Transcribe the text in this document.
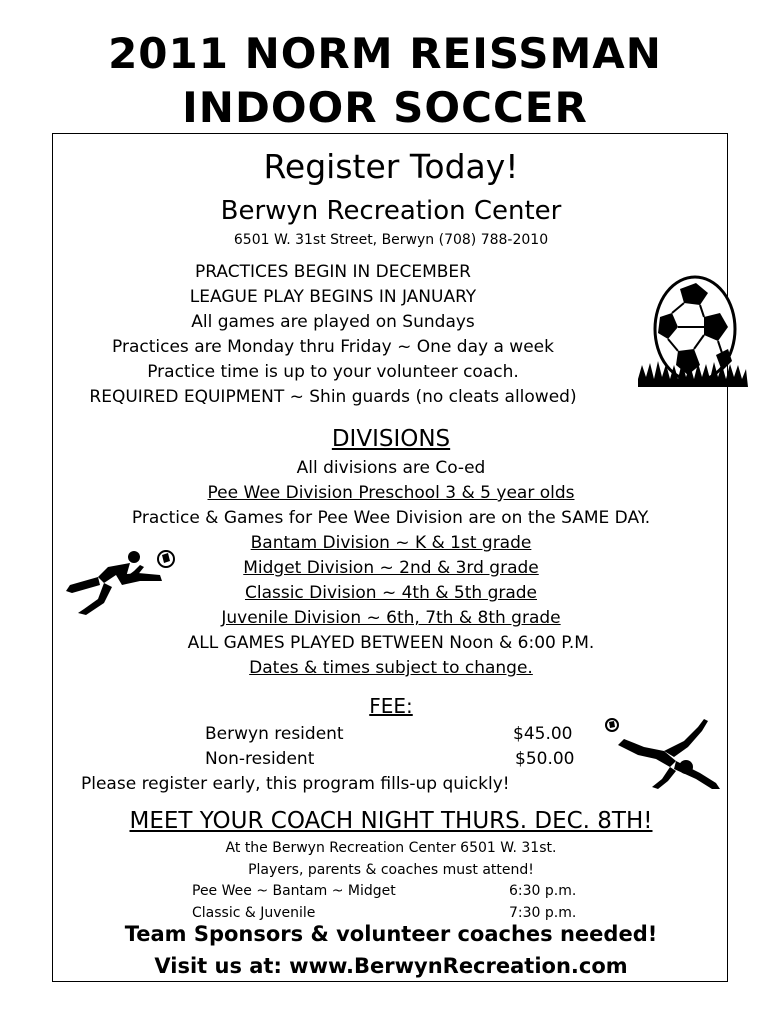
2011 NORM REISSMAN
INDOOR SOCCER
Register Today!
Berwyn Recreation Center
6501 W. 31st Street, Berwyn (708) 788-2010
PRACTICES BEGIN IN DECEMBER
LEAGUE PLAY BEGINS IN JANUARY
All games are played on Sundays
Practices are Monday thru Friday ~ One day a week
Practice time is up to your volunteer coach.
REQUIRED EQUIPMENT ~ Shin guards (no cleats allowed)
DIVISIONS
All divisions are Co-ed
Pee Wee Division Preschool 3 & 5 year olds
Practice & Games for Pee Wee Division are on the SAME DAY.
Bantam Division ~ K & 1st grade
Midget Division ~ 2nd & 3rd grade
Classic Division ~ 4th & 5th grade
Juvenile Division ~ 6th, 7th & 8th grade
ALL GAMES PLAYED BETWEEN Noon & 6:00 P.M.
Dates & times subject to change.
FEE:
Berwyn resident	$45.00
Non-resident	$50.00
Please register early, this program fills-up quickly!
MEET YOUR COACH NIGHT THURS. DEC. 8TH!
At the Berwyn Recreation Center 6501 W. 31st.
Players, parents & coaches must attend!
Pee Wee ~ Bantam ~ Midget	6:30 p.m.
Classic & Juvenile	7:30 p.m.
Team Sponsors & volunteer coaches needed!
Visit us at: www.BerwynRecreation.com
